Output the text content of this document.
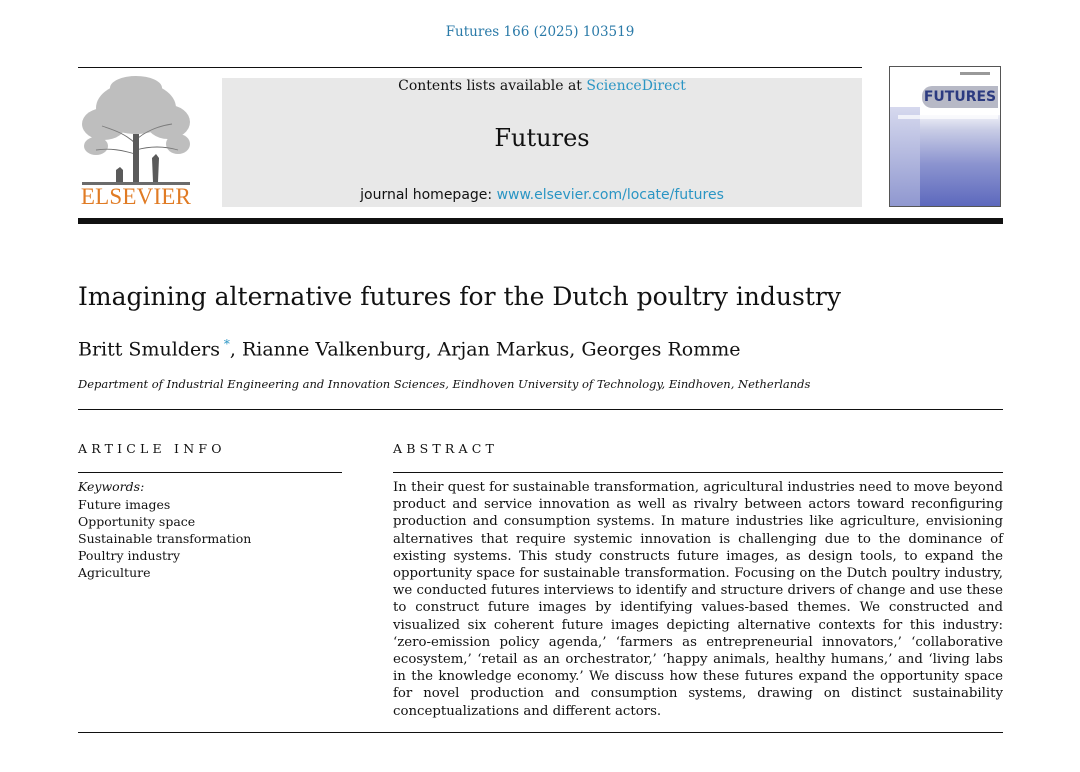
Futures 166 (2025) 103519
ELSEVIER
Contents lists available at ScienceDirect
Futures
journal homepage: www.elsevier.com/locate/futures
FUTURES
Imagining alternative futures for the Dutch poultry industry
Britt Smulders *, Rianne Valkenburg, Arjan Markus, Georges Romme
Department of Industrial Engineering and Innovation Sciences, Eindhoven University of Technology, Eindhoven, Netherlands
ARTICLE INFO
Keywords:
Future images
Opportunity space
Sustainable transformation
Poultry industry
Agriculture
ABSTRACT
In their quest for sustainable transformation, agricultural industries need to move beyond product and service innovation as well as rivalry between actors toward reconfiguring production and consumption systems. In mature industries like agriculture, envisioning alternatives that require systemic innovation is challenging due to the dominance of existing systems. This study constructs future images, as design tools, to expand the opportunity space for sustainable transformation. Focusing on the Dutch poultry industry, we conducted futures interviews to identify and structure drivers of change and use these to construct future images by identifying values-based themes. We constructed and visualized six coherent future images depicting alternative contexts for this industry: ‘zero-emission policy agenda,’ ‘farmers as entrepreneurial innovators,’ ‘collaborative ecosystem,’ ‘retail as an orchestrator,’ ‘happy animals, healthy humans,’ and ‘living labs in the knowledge economy.’ We discuss how these futures expand the opportunity space for novel production and consumption systems, drawing on distinct sustainability conceptualizations and different actors.
